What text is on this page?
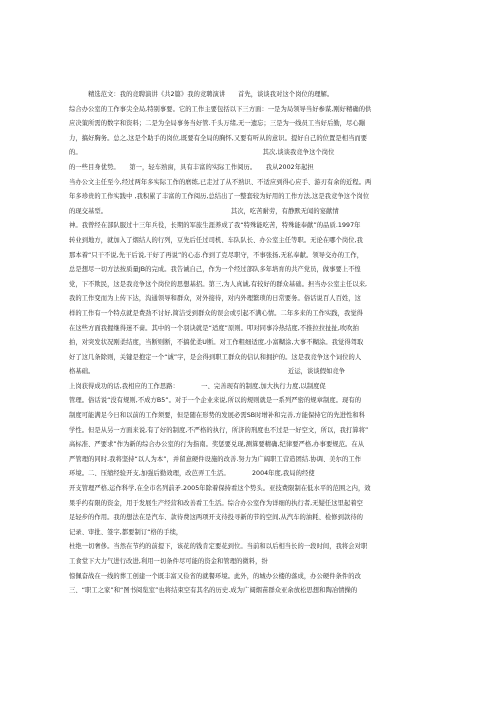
精选范文：我的竞聘演讲《共2篇》我的竞聘演讲　　首先，谈谈我对这个岗位的理解。
综合办公室的工作事尖全局,特别事要。它的工作主要包括以下三方面：一是为局领导当好参谋,刚好精确的供
应决策所需的数字和资料；二是为全局事务当好管.千头万绪,无一遗忘；三是为一线员工当好后勤，尽心蹦
力，搞好胸务。总之,这是个助手的岗位,既要有全局的胸怀,又要有听从的意识。提好自己的位置是相当而要
的。　　　　　　　　　　　　　　　　　　　　　　　　　　　　　其次,谈谈我竞争这个岗位
的一些目身优势。　　第一，轻车熟窗，具有丰富的实际工作阅历。　　我从2002年起担
当办公文主任至今,经过两年多实际工作的磨练,已走过了从不熟识、不适应到得心应手、游刃有余的近程。两
年多珍贵的工作实践中 ,我积累了丰富的工作阅历,总结出了一整套较为好用的工作方法,这是我竞争这个岗位
的现交基型。　　　　　　　　　　　　　　　　　　　　其次，吃苦耐劳，有静默无闻的宴献情
神。我曾经在部队服过十三年兵役，长期的军旅生涯养成了我“特殊能吃苦，特殊能奉献”的品质.1997年
转业到地方，就加入了烟结人的行列，豆先后任过司机、车队队长、办公室主任等职。无论在哪个岗位,我
那本着“只干不说,先干后说,干好了再说”的心态.作到了克尽职守，不事张扬,无私奉献。领导交办的工作，
总是想尽一切方法按质量JB的完成。我告诫自己，作为一个经过部队多年培育的共产党员，做事要上不惶
党，下不欺民，这是我竞争这个岗位的思想基招。第三,为人真诚,有较好的群众基础。担当办公室主任以来,
我的工作变而为上传下达，沟通领导和群众，对外接待，对内外理繁琐的日常要务。俗话说百人百姓，这
样的工作有一个特点就是费劲不讨好,简洁受到群众的误会或引起不满心情。二年多来的工作实践，我觉得
在这些方面我握继得迷不啬。其中的一个羽诀就是“适度”原则。叩对同事冷热结度,不推拉拉扯扯,吹吹拍
拍，对突发状况刚柔结度，当断则断，不搞优柔U断。对工作粗细适度,小富糊涂,大事不糊涂。我觉得驾取
好了这几条除则，关键是抱定一个“诚”字，是会得到职工群众的信认和拥护的。这是我竞争这个词位的人
格基础。　　　　　　　　　　　　　　　　　　　　　　　　　　　　　　　近运，谈谈假如竞争
上岗获得成功的话,我相应的工作思路：　　　　一、完善现有的制度,加大执行力度,以制度促
管理。俗话说“没有规则,不成方B5”。对于一个企业来说,所以的规则就是一系列严密的规章制度。现有的
制度可能满足今日和以前的工作须要，但是随在形势的发展必需SB时增补和完善,方能保持它的先进性和科
学性。但是从另一方面来说,有了好的制度,不严格的执行，所济的刑度也不过是一好空文，所以，我打算将”
高标准、严要求”作为新的综合办公室的行为指南。奖惩要兑现,测算要精确,纪律要严格,办事要规范。在从
严管理的同时.我将坚持“以人为本”，并留意硬件设施的改善.努力为广阔职工营造团结.协调、美尔的工作
环境。二、压缩经验开支,加强后勤效理，改芭弄工生活。　　　　2004年度,我局的经使
开支管理严格,运作科学,在全市名列前矛.2005年除着保持看这个势头。亚技费限制在低水平的范围之内，效
果乎约有限的资金，用于发展生产经营和改善看工生活。综合办公室作为详细的执行者,无疑任这里起着空
足轻步的作用。我的想法在是汽车、款待费这两项开支待投寻新的节的空间,从汽车的油耗、检修到款待的
记录、审批、签字,都要制订“格的手续，
杜绝一切奢侈。当然在节约的前提下，该花的钱肯定要花到位。当前和以后相当长的一段时间，我将会对职
工食堂下大力气进行改进,利用一切条件尽可能的资金和管理的微料，纷
惊佩奋战在一线的葬工创建一个既丰富又俭省的就餐环境。此外，的城办公楼的落成，办公硬件条件的改
三、“职工之家”和“图书阅览室”也将结束空有其名的历史.成为广阔烟苗群众亚余放松思想和陶冶情操的
